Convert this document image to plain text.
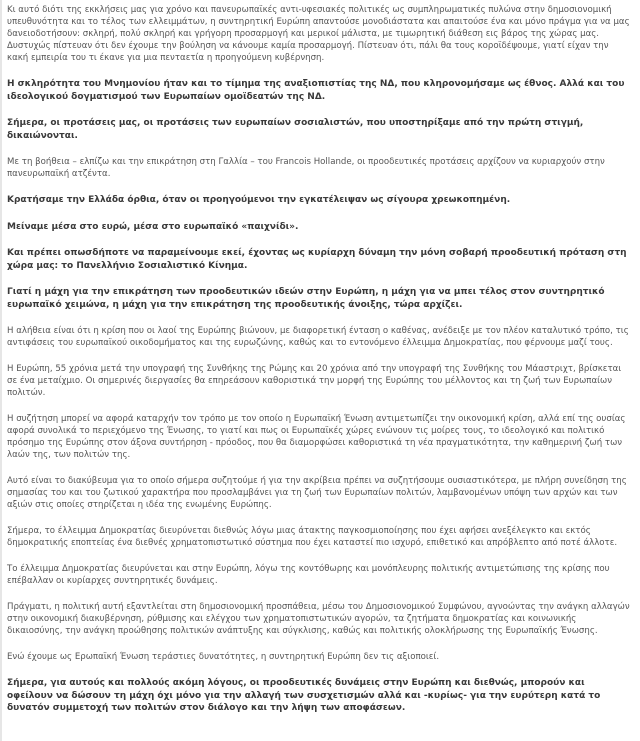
Κι αυτό διότι της εκκλήσεις μας για χρόνο και πανευρωπαϊκές αντι-υφεσιακές πολιτικές ως συμπληρωματικές πυλώνα στην δημοσιονομική υπευθυνότητα και το τέλος των ελλειμμάτων, η συντηρητική Ευρώπη απαντούσε μονοδιάστατα και απαιτούσε ένα και μόνο πράγμα για να μας δανειοδοτήσουν: σκληρή, πολύ σκληρή και γρήγορη προσαρμογή και μερικοί μάλιστα, με τιμωρητική διάθεση εις βάρος της χώρας μας. Δυστυχώς πίστευαν ότι δεν έχουμε την βούληση να κάνουμε καμία προσαρμογή. Πίστευαν ότι, πάλι θα τους κοροϊδέψουμε, γιατί είχαν την κακή εμπειρία του τι έκανε για μια πενταετία η προηγούμενη κυβέρνηση.

Η σκληρότητα του Μνημονίου ήταν και το τίμημα της αναξιοπιστίας της ΝΔ, που κληρονομήσαμε ως έθνος. Αλλά και του ιδεολογικού δογματισμού των Ευρωπαίων ομοϊδεατών της ΝΔ.

Σήμερα, οι προτάσεις μας, οι προτάσεις των ευρωπαίων σοσιαλιστών, που υποστηρίξαμε από την πρώτη στιγμή, δικαιώνονται.

Με τη βοήθεια – ελπίζω και την επικράτηση στη Γαλλία – του Francois Hollande, οι προοδευτικές προτάσεις αρχίζουν να κυριαρχούν στην πανευρωπαϊκή ατζέντα.

Κρατήσαμε την Ελλάδα όρθια, όταν οι προηγούμενοι την εγκατέλειψαν ως σίγουρα χρεωκοπημένη.

Μείναμε μέσα στο ευρώ, μέσα στο ευρωπαϊκό «παιχνίδι».

Και πρέπει οπωσδήποτε να παραμείνουμε εκεί, έχοντας ως κυρίαρχη δύναμη την μόνη σοβαρή προοδευτική πρόταση στη χώρα μας: το Πανελλήνιο Σοσιαλιστικό Κίνημα.

Γιατί η μάχη για την επικράτηση των προοδευτικών ιδεών στην Ευρώπη, η μάχη για να μπει τέλος στον συντηρητικό ευρωπαϊκό χειμώνα, η μάχη για την επικράτηση της προοδευτικής άνοιξης, τώρα αρχίζει.

Η αλήθεια είναι ότι η κρίση που οι λαοί της Ευρώπης βιώνουν, με διαφορετική ένταση ο καθένας, ανέδειξε με τον πλέον καταλυτικό τρόπο, τις αντιφάσεις του ευρωπαϊκού οικοδομήματος και της ευρωζώνης, καθώς και το εντονόμενο έλλειμμα Δημοκρατίας, που φέρνουμε μαζί τους.

Η Ευρώπη, 55 χρόνια μετά την υπογραφή της Συνθήκης της Ρώμης και 20 χρόνια από την υπογραφή της Συνθήκης του Μάαστριχτ, βρίσκεται σε ένα μεταίχμιο. Οι σημερινές διεργασίες θα επηρεάσουν καθοριστικά την μορφή της Ευρώπης του μέλλοντος και τη ζωή των Ευρωπαίων πολιτών.

Η συζήτηση μπορεί να αφορά καταρχήν τον τρόπο με τον οποίο η Ευρωπαϊκή Ένωση αντιμετωπίζει την οικονομική κρίση, αλλά επί της ουσίας αφορά συνολικά το περιεχόμενο της Ένωσης, το γιατί και πως οι Ευρωπαϊκές χώρες ενώνουν τις μοίρες τους, το ιδεολογικό και πολιτικό πρόσημο της Ευρώπης στον άξονα συντήρηση - πρόοδος, που θα διαμορφώσει καθοριστικά τη νέα πραγματικότητα, την καθημερινή ζωή των λαών της, των πολιτών της.

Αυτό είναι το διακύβευμα για το οποίο σήμερα συζητούμε ή για την ακρίβεια πρέπει να συζητήσουμε ουσιαστικότερα, με πλήρη συνείδηση της σημασίας του και του ζωτικού χαρακτήρα που προσλαμβάνει για τη ζωή των Ευρωπαίων πολιτών, λαμβανομένων υπόψη των αρχών και των αξιών στις οποίες στηρίζεται η ιδέα της ενωμένης Ευρώπης.

Σήμερα, το έλλειμμα Δημοκρατίας διευρύνεται διεθνώς λόγω μιας άτακτης παγκοσμιοποίησης που έχει αφήσει ανεξέλεγκτο και εκτός δημοκρατικής εποπτείας ένα διεθνές χρηματοπιστωτικό σύστημα που έχει καταστεί πιο ισχυρό, επιθετικό και απρόβλεπτο από ποτέ άλλοτε.

Το έλλειμμα Δημοκρατίας διευρύνεται και στην Ευρώπη, λόγω της κοντόθωρης και μονόπλευρης πολιτικής αντιμετώπισης της κρίσης που επέβαλλαν οι κυρίαρχες συντηρητικές δυνάμεις.

Πράγματι, η πολιτική αυτή εξαντλείται στη δημοσιονομική προσπάθεια, μέσω του Δημοσιονομικού Συμφώνου, αγνοώντας την ανάγκη αλλαγών στην οικονομική διακυβέρνηση, ρύθμισης και ελέγχου των χρηματοπιστωτικών αγορών, τα ζητήματα δημοκρατίας και κοινωνικής δικαιοσύνης, την ανάγκη προώθησης πολιτικών ανάπτυξης και σύγκλισης, καθώς και πολιτικής ολοκλήρωσης της Ευρωπαϊκής Ένωσης.

Ενώ έχουμε ως Ερωπαϊκή Ένωση τεράστιες δυνατότητες, η συντηρητική Ευρώπη δεν τις αξιοποιεί.

Σήμερα, για αυτούς και πολλούς ακόμη λόγους, οι προοδευτικές δυνάμεις στην Ευρώπη και διεθνώς, μπορούν και οφείλουν να δώσουν τη μάχη όχι μόνο για την αλλαγή των συσχετισμών αλλά και -κυρίως- για την ευρύτερη κατά το δυνατόν συμμετοχή των πολιτών στον διάλογο και την λήψη των αποφάσεων.
